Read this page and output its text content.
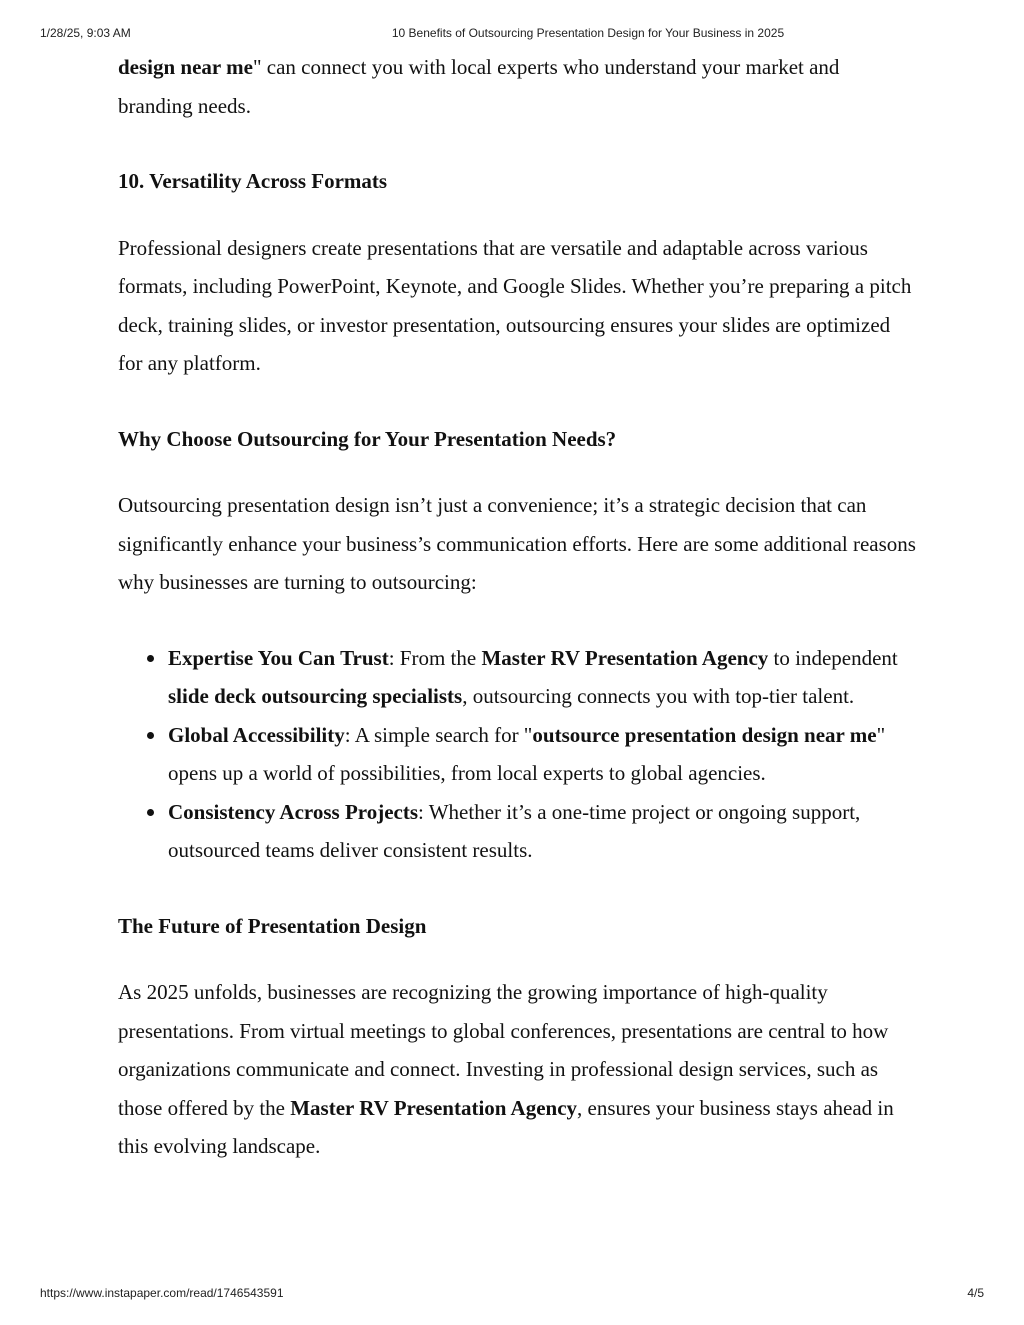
1/28/25, 9:03 AM	10 Benefits of Outsourcing Presentation Design for Your Business in 2025

design near me" can connect you with local experts who understand your market and branding needs.

10. Versatility Across Formats

Professional designers create presentations that are versatile and adaptable across various formats, including PowerPoint, Keynote, and Google Slides. Whether you’re preparing a pitch deck, training slides, or investor presentation, outsourcing ensures your slides are optimized for any platform.

Why Choose Outsourcing for Your Presentation Needs?

Outsourcing presentation design isn’t just a convenience; it’s a strategic decision that can significantly enhance your business’s communication efforts. Here are some additional reasons why businesses are turning to outsourcing:

Expertise You Can Trust: From the Master RV Presentation Agency to independent slide deck outsourcing specialists, outsourcing connects you with top-tier talent.
Global Accessibility: A simple search for "outsource presentation design near me" opens up a world of possibilities, from local experts to global agencies.
Consistency Across Projects: Whether it’s a one-time project or ongoing support, outsourced teams deliver consistent results.
The Future of Presentation Design

As 2025 unfolds, businesses are recognizing the growing importance of high-quality presentations. From virtual meetings to global conferences, presentations are central to how organizations communicate and connect. Investing in professional design services, such as those offered by the Master RV Presentation Agency, ensures your business stays ahead in this evolving landscape.

https://www.instapaper.com/read/1746543591	4/5
